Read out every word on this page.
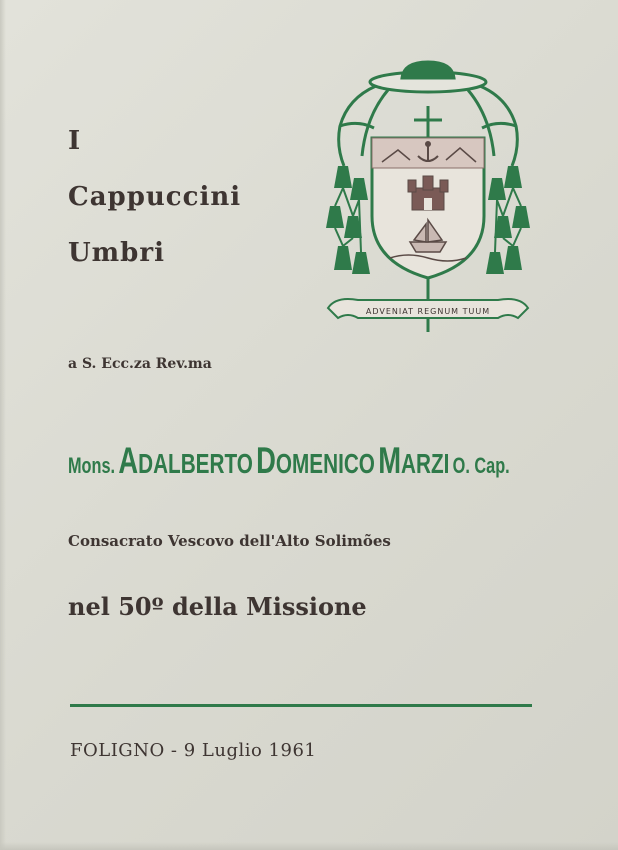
ADVENIAT REGNUM TUUM
I
Cappuccini
Umbri
a S. Ecc.za Rev.ma
Mons. ADALBERTO DOMENICO MARZI O. Cap.
Consacrato Vescovo dell'Alto Solimões
nel 50º della Missione
FOLIGNO - 9 Luglio 1961
